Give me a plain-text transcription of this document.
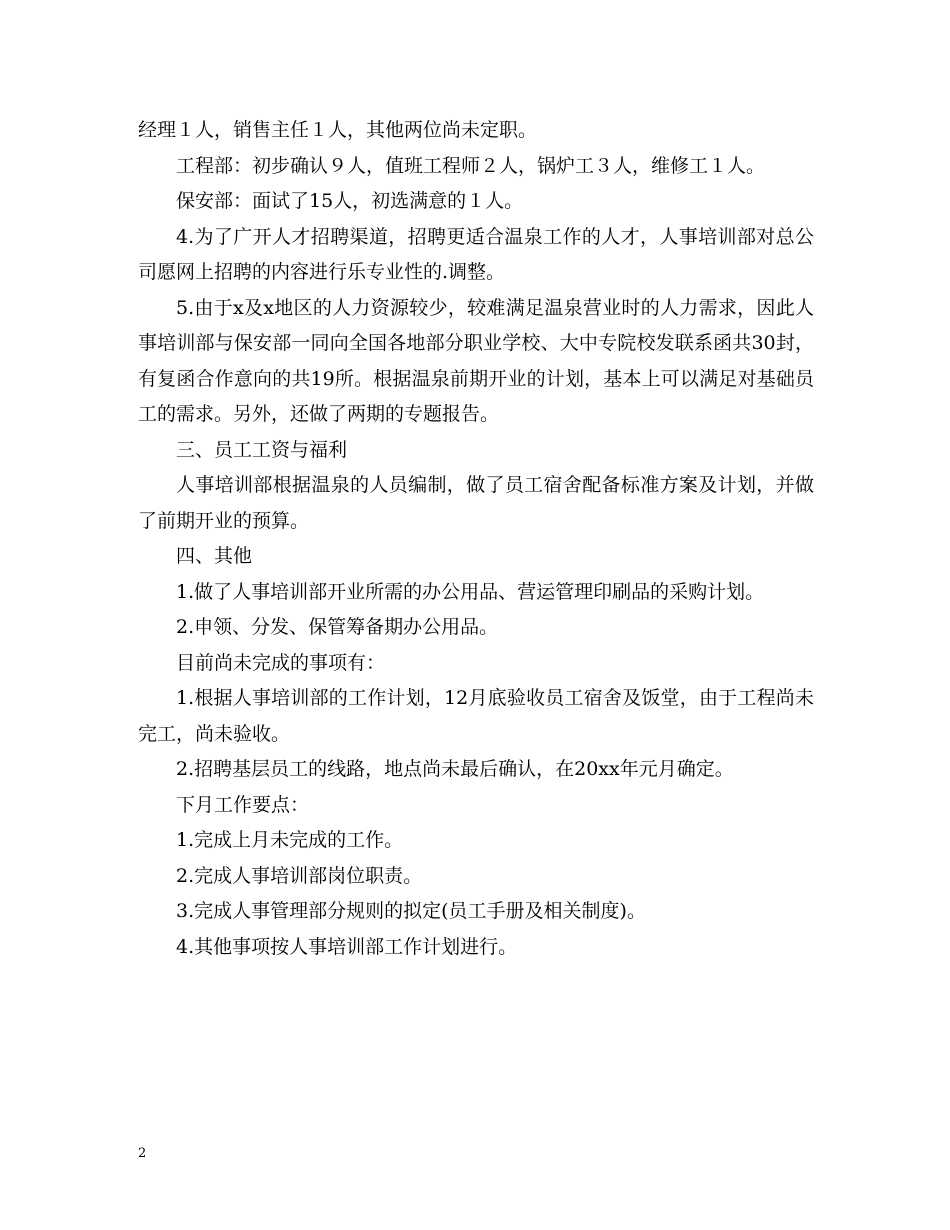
经理１人，销售主任１人，其他两位尚未定职。

工程部：初步确认９人，值班工程师２人，锅炉工３人，维修工１人。

保安部：面试了15人，初选满意的１人。

4.为了广开人才招聘渠道，招聘更适合温泉工作的人才，人事培训部对总公司愿网上招聘的内容进行乐专业性的.调整。

5.由于x及x地区的人力资源较少，较难满足温泉营业时的人力需求，因此人事培训部与保安部一同向全国各地部分职业学校、大中专院校发联系函共30封，有复函合作意向的共19所。根据温泉前期开业的计划，基本上可以满足对基础员工的需求。另外，还做了两期的专题报告。

三、员工工资与福利

人事培训部根据温泉的人员编制，做了员工宿舍配备标准方案及计划，并做了前期开业的预算。

四、其他

1.做了人事培训部开业所需的办公用品、营运管理印刷品的采购计划。

2.申领、分发、保管筹备期办公用品。

目前尚未完成的事项有：

1.根据人事培训部的工作计划，12月底验收员工宿舍及饭堂，由于工程尚未完工，尚未验收。

2.招聘基层员工的线路，地点尚未最后确认，在20xx年元月确定。

下月工作要点：

1.完成上月未完成的工作。

2.完成人事培训部岗位职责。

3.完成人事管理部分规则的拟定(员工手册及相关制度)。

4.其他事项按人事培训部工作计划进行。

2
